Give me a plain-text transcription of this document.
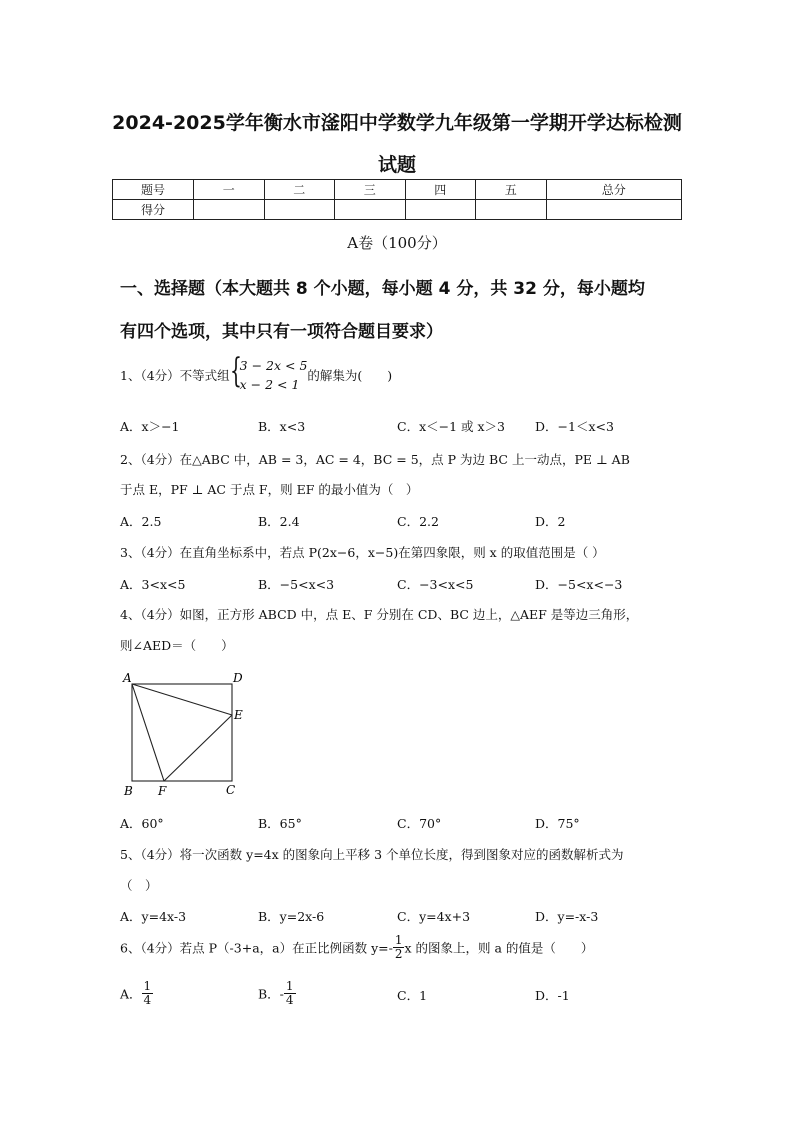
2024-2025学年衡水市滏阳中学数学九年级第一学期开学达标检测
试题
题号	一	二	三	四	五	总分
得分						
A卷（100分）
一、选择题（本大题共 8 个小题，每小题 4 分，共 32 分，每小题均
有四个选项，其中只有一项符合题目要求）
1、（4分）不等式组 {
3 − 2x < 5
x − 2 < 1
的解集为(　　)
A．x＞−1	B．x<3	C．x＜−1 或 x＞3 D．−1＜x<3
2、（4分）在△ABC 中，AB = 3，AC = 4，BC = 5，点 P 为边 BC 上一动点，PE ⊥ AB
于点 E，PF ⊥ AC 于点 F，则 EF 的最小值为（　）
A．2.5	B．2.4	C．2.2	D．2
3、（4分）在直角坐标系中，若点 P(2x−6，x−5)在第四象限，则 x 的取值范围是（ ）
A．3<x<5	B．−5<x<3	C．−3<x<5	D．−5<x<−3
4、（4分）如图，正方形 ABCD 中，点 E、F 分别在 CD、BC 边上，△AEF 是等边三角形，
则∠AED＝（　　）
A	D
E
B F	C
A．60°	B．65°	C．70°	D．75°
5、（4分）将一次函数 y=4x 的图象向上平移 3 个单位长度，得到图象对应的函数解析式为
（　）
A．y=4x-3	B．y=2x-6	C．y=4x+3	D．y=-x-3
6、（4分）若点 P（-3+a，a）在正比例函数 $y=- \frac{1}{2}$ x 的图象上，则 a 的值是（　　）
A． $\frac{1}{4}$	B．- $\frac{1}{4}$	C．1	D．-1
